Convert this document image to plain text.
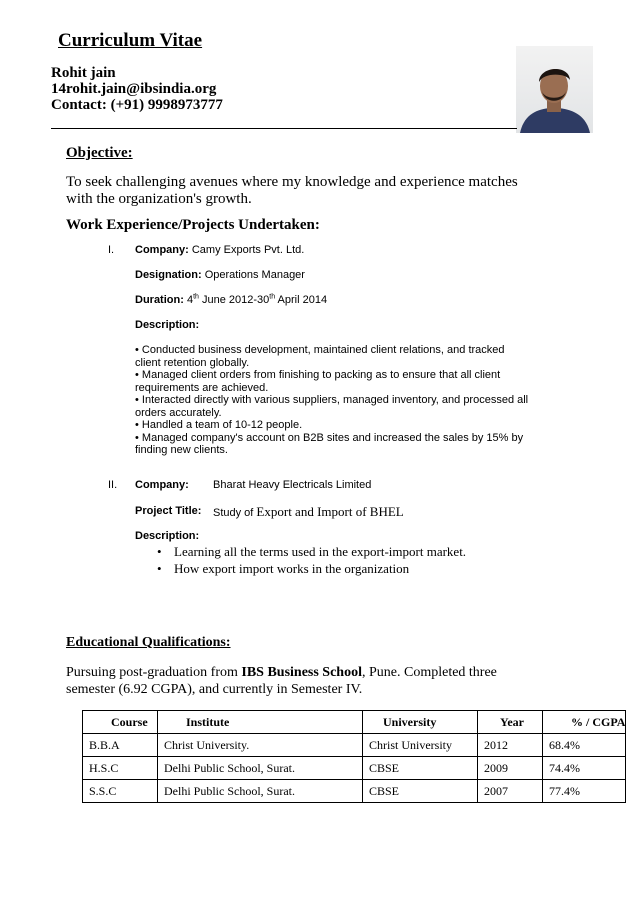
Curriculum Vitae
Rohit jain
14rohit.jain@ibsindia.org
Contact: (+91) 9998973777
Objective:
To seek challenging avenues where my knowledge and experience matches with the organization's growth.
Work Experience/Projects Undertaken:
I. Company: Camy Exports Pvt. Ltd.
Designation: Operations Manager
Duration: 4th June 2012-30th April 2014
Description:
• Conducted business development, maintained client relations, and tracked client retention globally.
• Managed client orders from finishing to packing as to ensure that all client requirements are achieved.
• Interacted directly with various suppliers, managed inventory, and processed all orders accurately.
• Handled a team of 10-12 people.
• Managed company's account on B2B sites and increased the sales by 15% by finding new clients.
II. Company: Bharat Heavy Electricals Limited
Project Title: Study of Export and Import of BHEL
Description:
• Learning all the terms used in the export-import market.
• How export import works in the organization
Educational Qualifications:
Pursuing post-graduation from IBS Business School, Pune. Completed three semester (6.92 CGPA), and currently in Semester IV.
Course	Institute	University	Year	% / CGPA
B.B.A	Christ University.	Christ University	2012	68.4%
H.S.C	Delhi Public School, Surat.	CBSE	2009	74.4%
S.S.C	Delhi Public School, Surat.	CBSE	2007	77.4%
